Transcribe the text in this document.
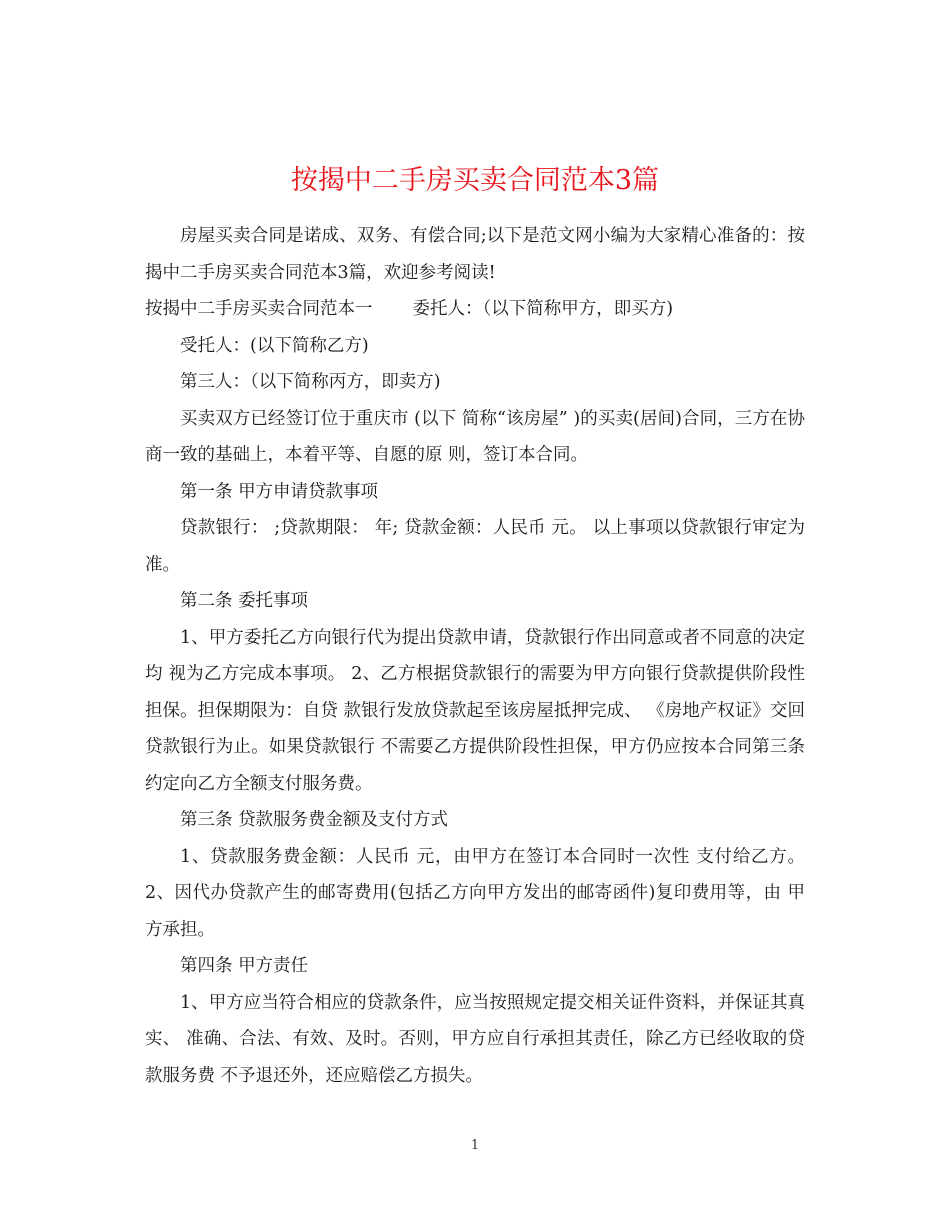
按揭中二手房买卖合同范本3篇

房屋买卖合同是诺成、双务、有偿合同;以下是范文网小编为大家精心准备的：按揭中二手房买卖合同范本3篇，欢迎参考阅读!

按揭中二手房买卖合同范本一 委托人：（以下简称甲方，即买方)

受托人：(以下简称乙方)

第三人：（以下简称丙方，即卖方)

买卖双方已经签订位于重庆市 (以下 简称“该房屋” )的买卖(居间)合同，三方在协商一致的基础上，本着平等、自愿的原 则，签订本合同。

第一条 甲方申请贷款事项

贷款银行： ;贷款期限： 年; 贷款金额：人民币 元。 以上事项以贷款银行审定为准。

第二条 委托事项

1、甲方委托乙方向银行代为提出贷款申请，贷款银行作出同意或者不同意的决定均 视为乙方完成本事项。 2、乙方根据贷款银行的需要为甲方向银行贷款提供阶段性担保。担保期限为：自贷 款银行发放贷款起至该房屋抵押完成、 《房地产权证》交回贷款银行为止。如果贷款银行 不需要乙方提供阶段性担保，甲方仍应按本合同第三条约定向乙方全额支付服务费。

第三条 贷款服务费金额及支付方式

1、贷款服务费金额：人民币 元，由甲方在签订本合同时一次性 支付给乙方。 2、因代办贷款产生的邮寄费用(包括乙方向甲方发出的邮寄函件)复印费用等，由 甲方承担。

第四条 甲方责任

1、甲方应当符合相应的贷款条件，应当按照规定提交相关证件资料，并保证其真实、 准确、合法、有效、及时。否则，甲方应自行承担其责任，除乙方已经收取的贷款服务费 不予退还外，还应赔偿乙方损失。

1
